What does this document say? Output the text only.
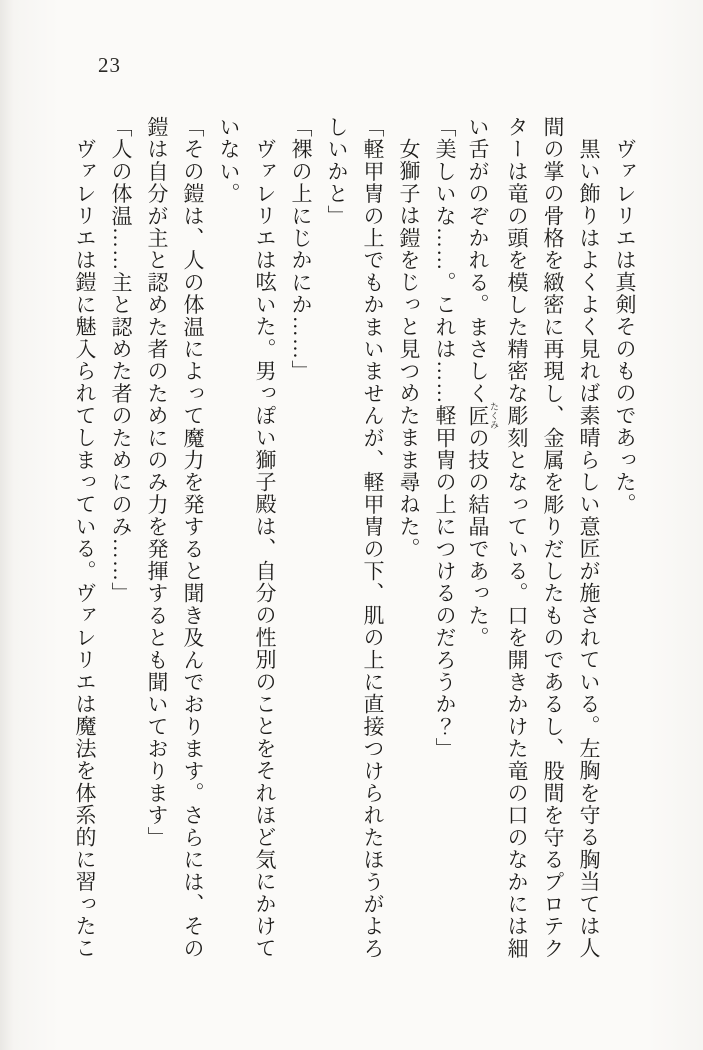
23
ヴァレリエは真剣そのものであった。
黒い飾りはよくよく見れば素晴らしい意匠が施されている。左胸を守る胸当ては人
間の掌の骨格を緻密に再現し、金属を彫りだしたものであるし、股間を守るプロテク
ターは竜の頭を模した精密な彫刻となっている。口を開きかけた竜の口のなかには細
い舌がのぞかれる。まさしく匠 たくみの技の結晶であった。
「美しいな……。これは……軽甲冑の上につけるのだろうか？」
女獅子は鎧をじっと見つめたまま尋ねた。
「軽甲冑の上でもかまいませんが、軽甲冑の下、肌の上に直接つけられたほうがよろ
しいかと」
「裸の上にじかにか……」
ヴァレリエは呟いた。男っぽい獅子殿は、自分の性別のことをそれほど気にかけて
いない。
「その鎧は、人の体温によって魔力を発すると聞き及んでおります。さらには、その
鎧は自分が主と認めた者のためにのみ力を発揮するとも聞いております」
「人の体温……主と認めた者のためにのみ……」
ヴァレリエは鎧に魅入られてしまっている。ヴァレリエは魔法を体系的に習ったこ
